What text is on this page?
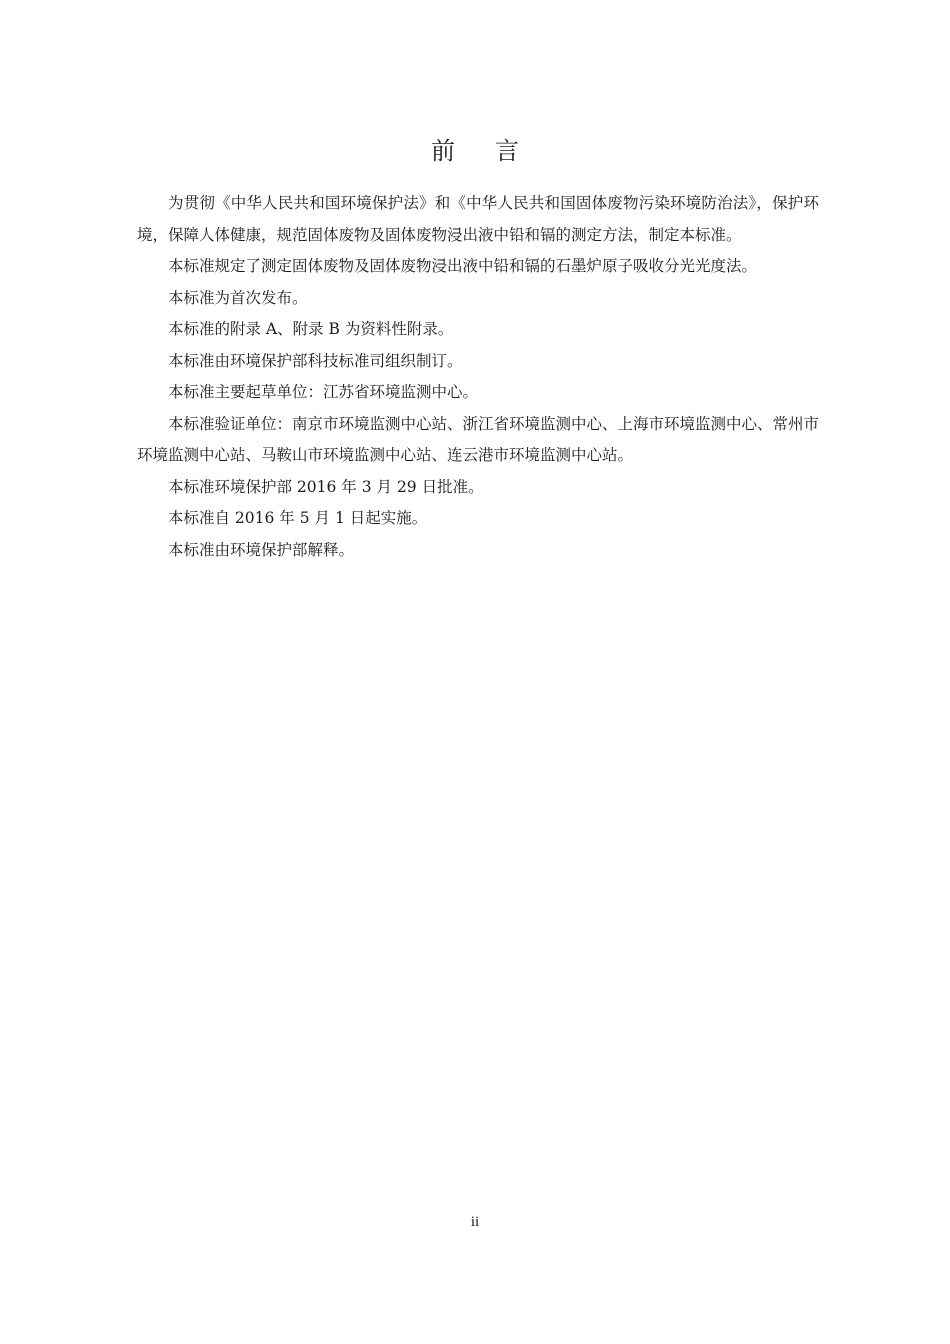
前言

为贯彻《中华人民共和国环境保护法》和《中华人民共和国固体废物污染环境防治法》，保护环境，保障人体健康，规范固体废物及固体废物浸出液中铅和镉的测定方法，制定本标准。

本标准规定了测定固体废物及固体废物浸出液中铅和镉的石墨炉原子吸收分光光度法。

本标准为首次发布。

本标准的附录 A、附录 B 为资料性附录。

本标准由环境保护部科技标准司组织制订。

本标准主要起草单位：江苏省环境监测中心。

本标准验证单位：南京市环境监测中心站、浙江省环境监测中心、上海市环境监测中心、常州市环境监测中心站、马鞍山市环境监测中心站、连云港市环境监测中心站。

本标准环境保护部 2016 年 3 月 29 日批准。

本标准自 2016 年 5 月 1 日起实施。

本标准由环境保护部解释。

ii
